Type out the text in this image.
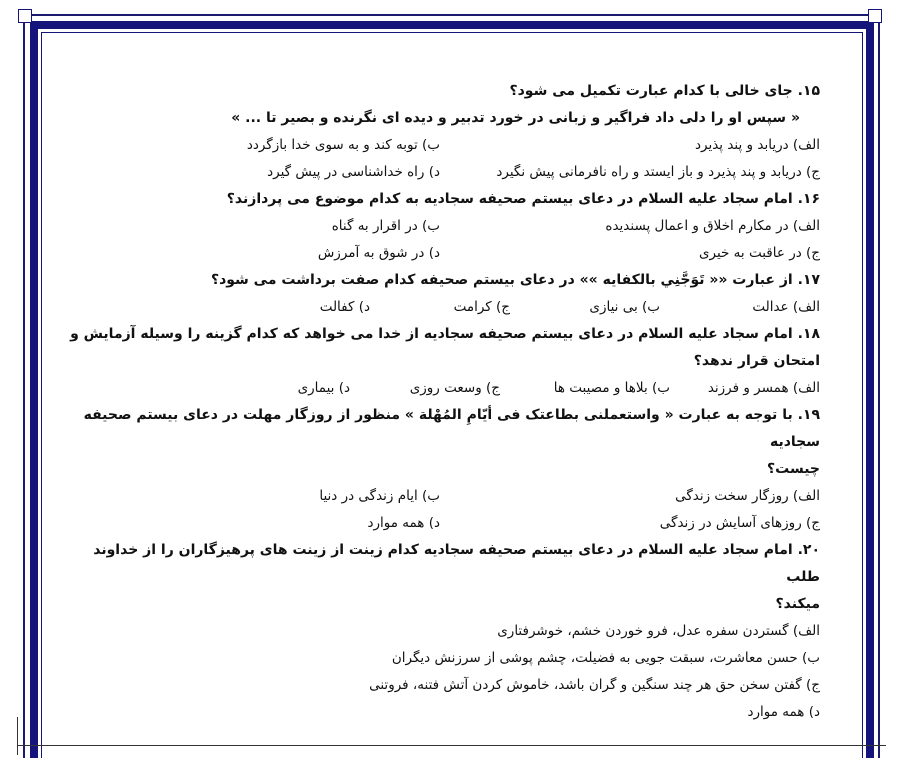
۱۵. جای خالی با کدام عبارت تکمیل می شود؟
« سپس او را دلی داد فراگیر و زبانی در خورد تدبیر و دیده ای نگرنده و بصیر تا ... »
الف) دریابد و پند پذیرد
ب) توبه کند و به سوی خدا بازگردد
ج) دریابد و پند پذیرد و باز ایستد و راه نافرمانی پیش نگیرد
د) راه خداشناسی در پیش گیرد
۱۶. امام سجاد علیه السلام در دعای بیستم صحیفه سجادیه به کدام موضوع می پردازند؟
الف) در مکارم اخلاق و اعمال پسندیده
ب) در اقرار به گناه
ج) در عاقبت به خیری
د) در شوق به آمرزش
۱۷. از عبارت «« تَوَجَّنِي بالکفایه »» در دعای بیستم صحیفه کدام صفت برداشت می شود؟
الف) عدالت
ب) بی نیازی
ج) کرامت
د) کفالت
۱۸. امام سجاد علیه السلام در دعای بیستم صحیفه سجادیه از خدا می خواهد که کدام گزینه را وسیله آزمایش و
امتحان قرار ندهد؟
الف) همسر و فرزند
ب) بلاها و مصیبت ها
ج) وسعت روزی
د) بیماری
۱۹. با توجه به عبارت « واستعملنی بطاعتک فی أیّامِ المُهْلة » منظور از روزگار مهلت در دعای بیستم صحیفه سجادیه
چیست؟
الف) روزگار سخت زندگی
ب) ایام زندگی در دنیا
ج) روزهای آسایش در زندگی
د) همه موارد
۲۰. امام سجاد علیه السلام در دعای بیستم صحیفه سجادیه کدام زینت از زینت های پرهیزگاران را از خداوند طلب
میکند؟
الف) گستردن سفره عدل، فرو خوردن خشم، خوشرفتاری
ب) حسن معاشرت، سبقت جویی به فضیلت، چشم پوشی از سرزنش دیگران
ج) گفتن سخن حق هر چند سنگین و گران باشد، خاموش کردن آتش فتنه، فروتنی
د) همه موارد
